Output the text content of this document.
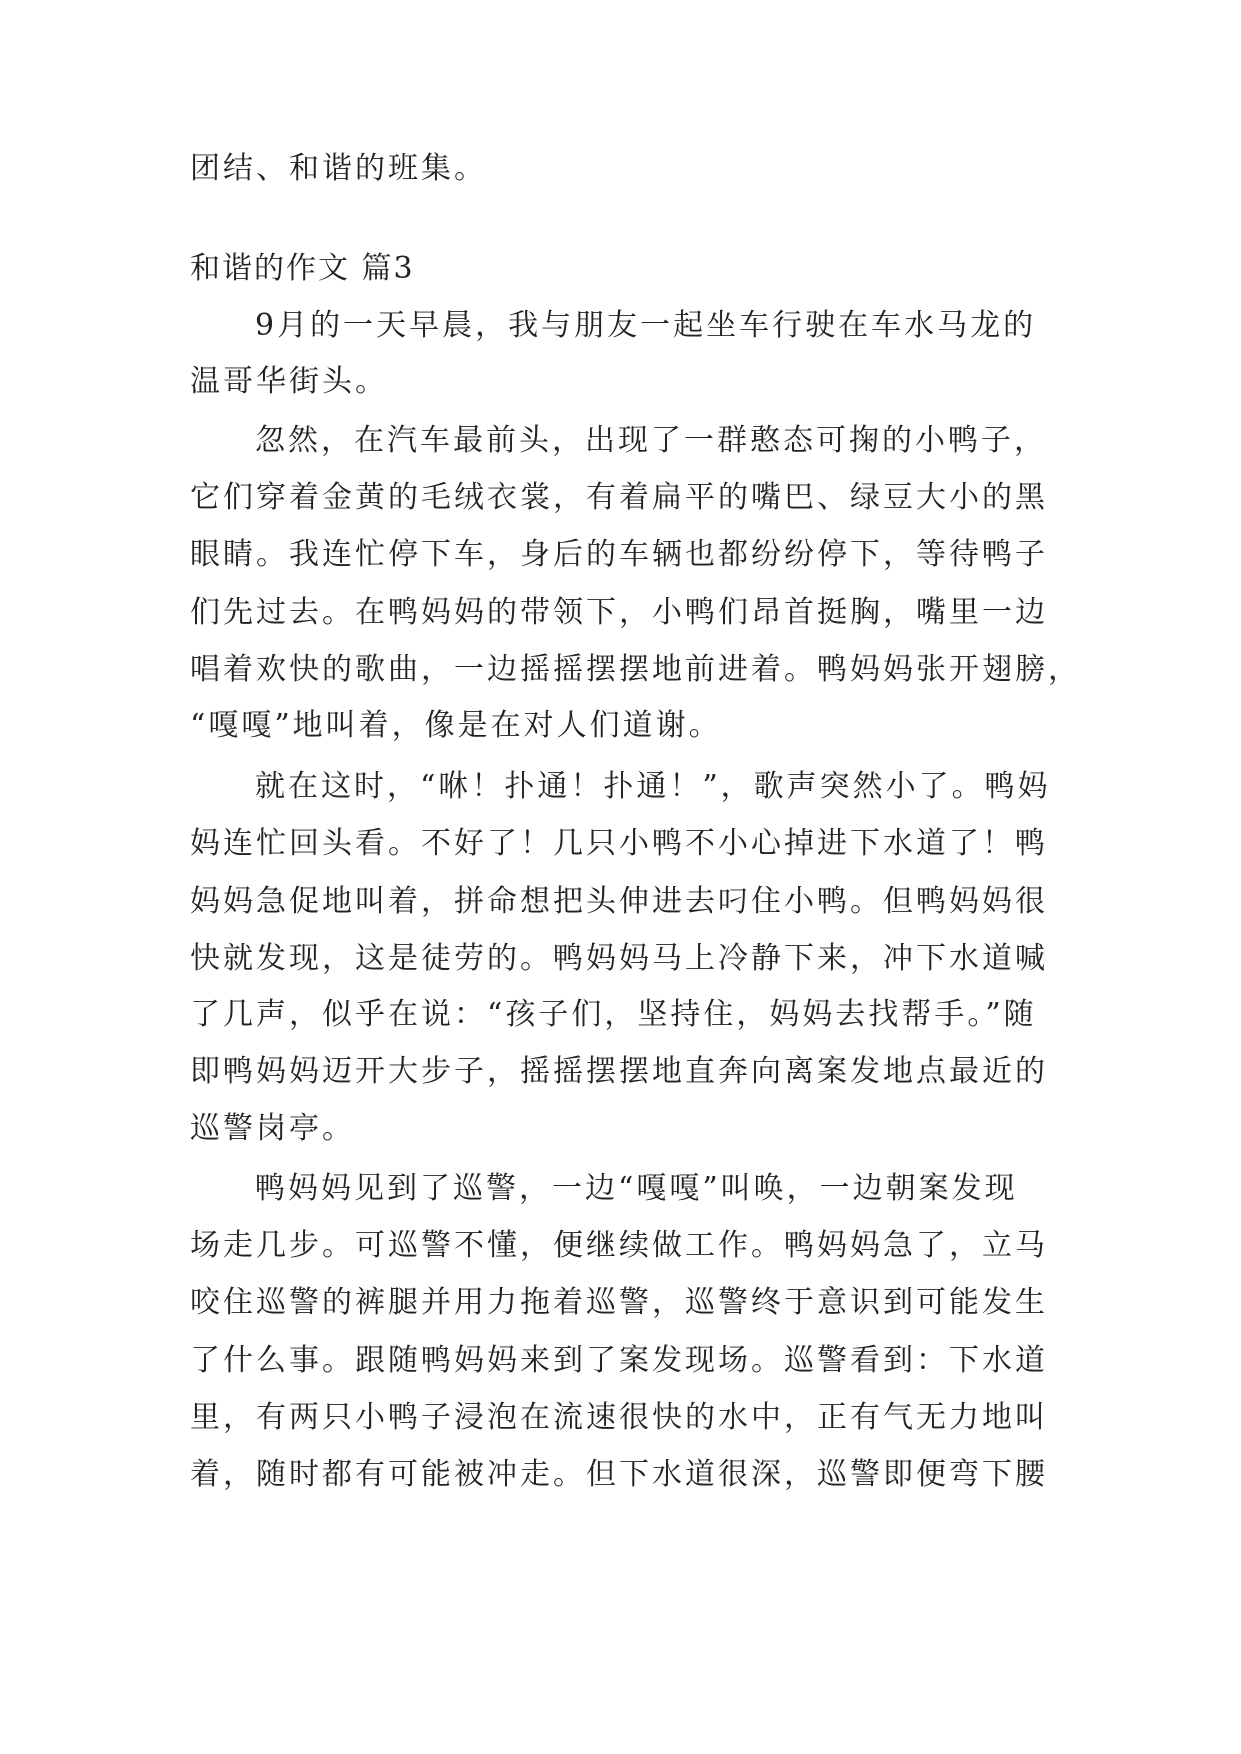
团结、和谐的班集。

和谐的作文 篇3

9月的一天早晨，我与朋友一起坐车行驶在车水马龙的

温哥华街头。

忽然，在汽车最前头，出现了一群憨态可掬的小鸭子，

它们穿着金黄的毛绒衣裳，有着扁平的嘴巴、绿豆大小的黑

眼睛。我连忙停下车，身后的车辆也都纷纷停下，等待鸭子

们先过去。在鸭妈妈的带领下，小鸭们昂首挺胸，嘴里一边

唱着欢快的歌曲，一边摇摇摆摆地前进着。鸭妈妈张开翅膀，

“嘎嘎”地叫着，像是在对人们道谢。

就在这时，“咻！扑通！扑通！”，歌声突然小了。鸭妈

妈连忙回头看。不好了！几只小鸭不小心掉进下水道了！鸭

妈妈急促地叫着，拼命想把头伸进去叼住小鸭。但鸭妈妈很

快就发现，这是徒劳的。鸭妈妈马上冷静下来，冲下水道喊

了几声，似乎在说：“孩子们，坚持住，妈妈去找帮手。”随

即鸭妈妈迈开大步子，摇摇摆摆地直奔向离案发地点最近的

巡警岗亭。

鸭妈妈见到了巡警，一边“嘎嘎”叫唤，一边朝案发现

场走几步。可巡警不懂，便继续做工作。鸭妈妈急了，立马

咬住巡警的裤腿并用力拖着巡警，巡警终于意识到可能发生

了什么事。跟随鸭妈妈来到了案发现场。巡警看到：下水道

里，有两只小鸭子浸泡在流速很快的水中，正有气无力地叫

着，随时都有可能被冲走。但下水道很深，巡警即便弯下腰
